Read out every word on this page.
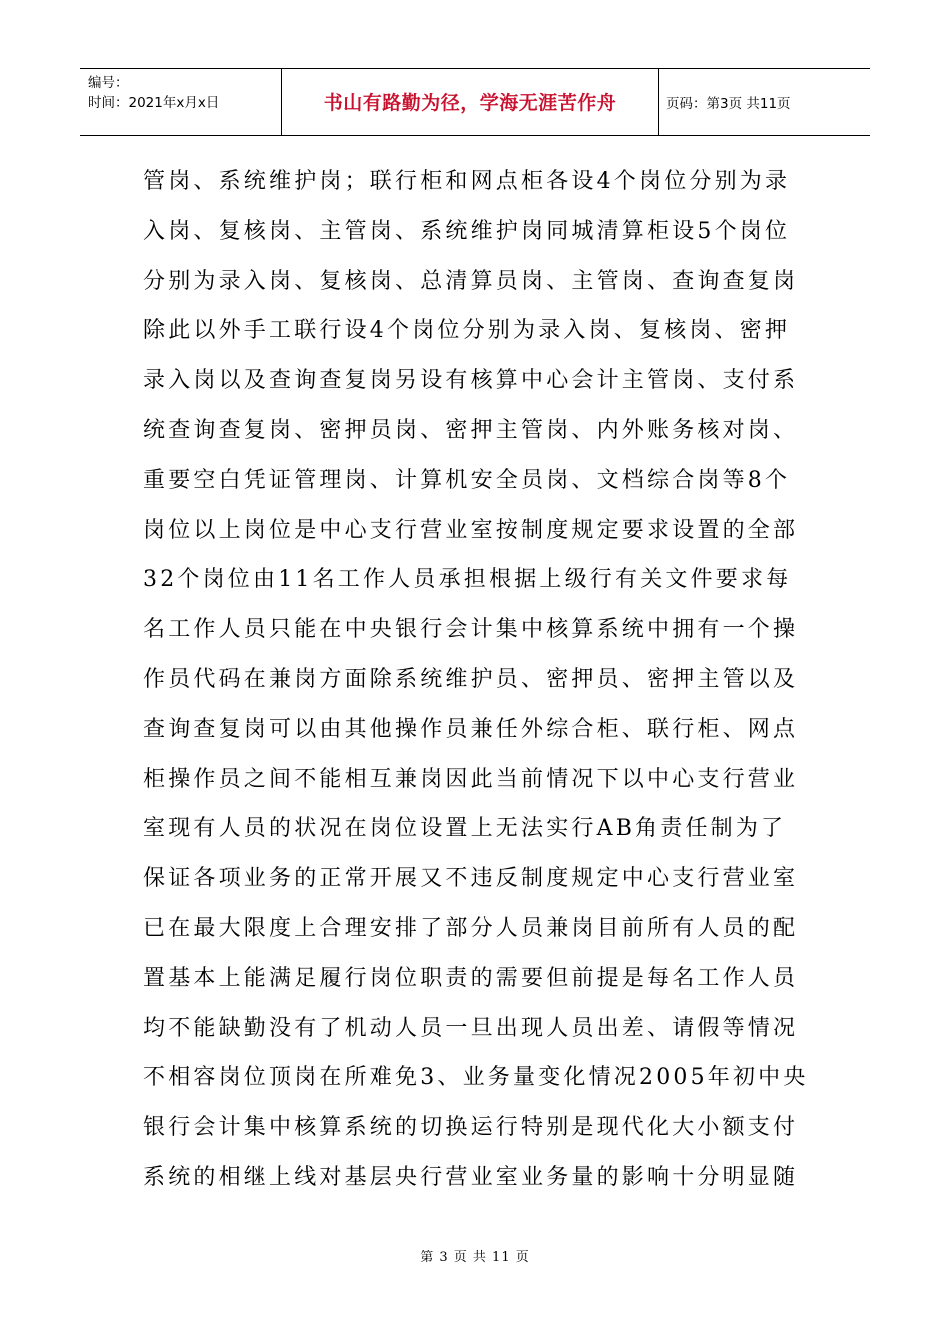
编号：
时间：2021年x月x日	书山有路勤为径，学海无涯苦作舟	页码：第3页 共11页
管岗、系统维护岗；联行柜和网点柜各设4个岗位分别为录
入岗、复核岗、主管岗、系统维护岗同城清算柜设5个岗位
分别为录入岗、复核岗、总清算员岗、主管岗、查询查复岗
除此以外手工联行设4个岗位分别为录入岗、复核岗、密押
录入岗以及查询查复岗另设有核算中心会计主管岗、支付系
统查询查复岗、密押员岗、密押主管岗、内外账务核对岗、
重要空白凭证管理岗、计算机安全员岗、文档综合岗等8个
岗位以上岗位是中心支行营业室按制度规定要求设置的全部
32个岗位由11名工作人员承担根据上级行有关文件要求每
名工作人员只能在中央银行会计集中核算系统中拥有一个操
作员代码在兼岗方面除系统维护员、密押员、密押主管以及
查询查复岗可以由其他操作员兼任外综合柜、联行柜、网点
柜操作员之间不能相互兼岗因此当前情况下以中心支行营业
室现有人员的状况在岗位设置上无法实行AB角责任制为了
保证各项业务的正常开展又不违反制度规定中心支行营业室
已在最大限度上合理安排了部分人员兼岗目前所有人员的配
置基本上能满足履行岗位职责的需要但前提是每名工作人员
均不能缺勤没有了机动人员一旦出现人员出差、请假等情况
不相容岗位顶岗在所难免3、业务量变化情况2005年初中央
银行会计集中核算系统的切换运行特别是现代化大小额支付
系统的相继上线对基层央行营业室业务量的影响十分明显随
第 3 页 共 11 页
